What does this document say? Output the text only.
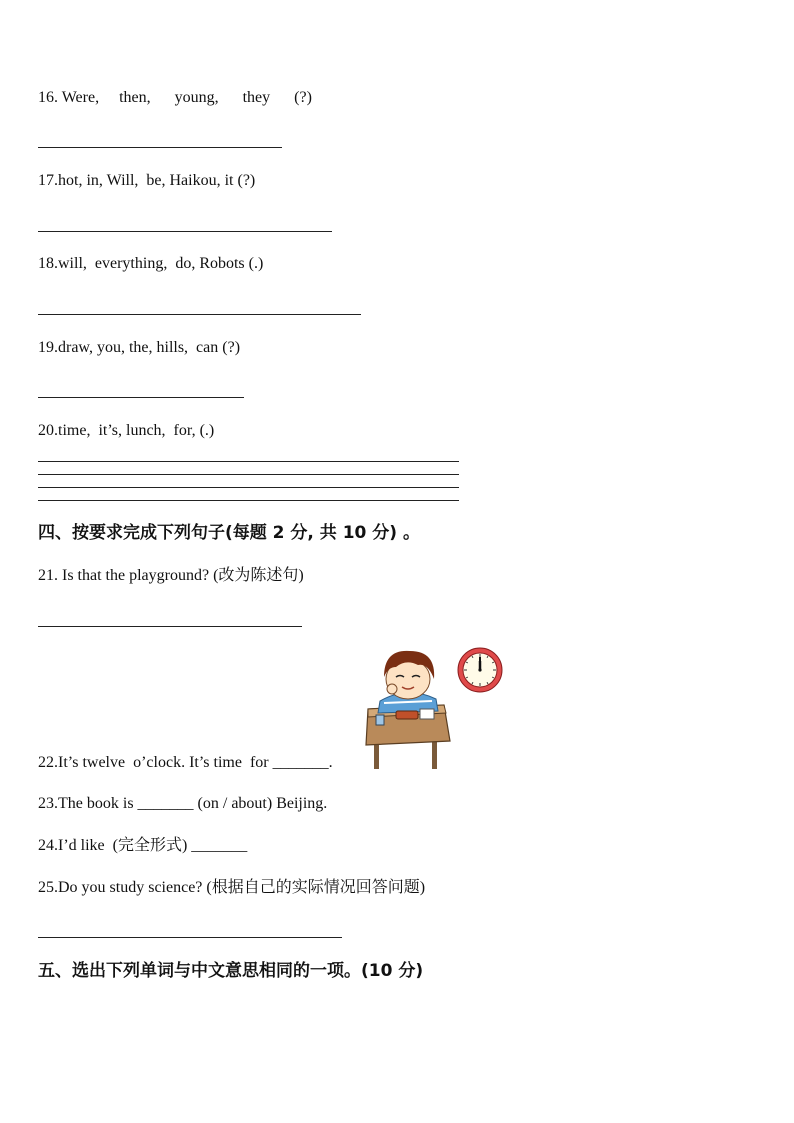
16. Were,     then,      young,      they      (?)
17.hot, in, Will,  be, Haikou, it (?)
18.will,  everything,  do, Robots (.)
19.draw, you, the, hills,  can (?)
20.time,  it’s, lunch,  for, (.)
四、按要求完成下列句子(每题 2 分, 共 10 分) 。
21. Is that the playground? (改为陈述句)
22.It’s twelve  o’clock. It’s time  for _______.
23.The book is _______ (on / about) Beijing.
24.I’d like  (完全形式) _______
25.Do you study science? (根据自己的实际情况回答问题)
五、选出下列单词与中文意思相同的一项。(10 分)
